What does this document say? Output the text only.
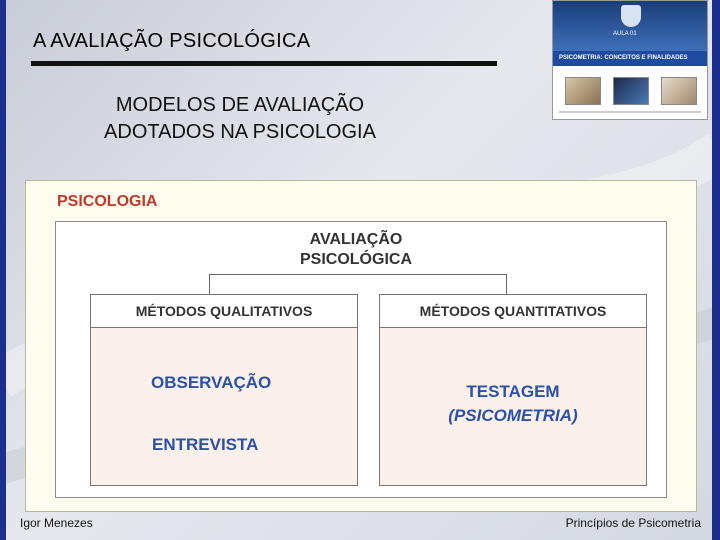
A AVALIAÇÃO PSICOLÓGICA
MODELOS DE AVALIAÇÃO
ADOTADOS NA PSICOLOGIA
AULA 01
PSICOMETRIA: CONCEITOS E FINALIDADES
PSICOLOGIA
AVALIAÇÃO
PSICOLÓGICA
MÉTODOS QUALITATIVOS
OBSERVAÇÃO
ENTREVISTA
MÉTODOS QUANTITATIVOS
TESTAGEM
(PSICOMETRIA)
Igor Menezes	Princípios de Psicometria
